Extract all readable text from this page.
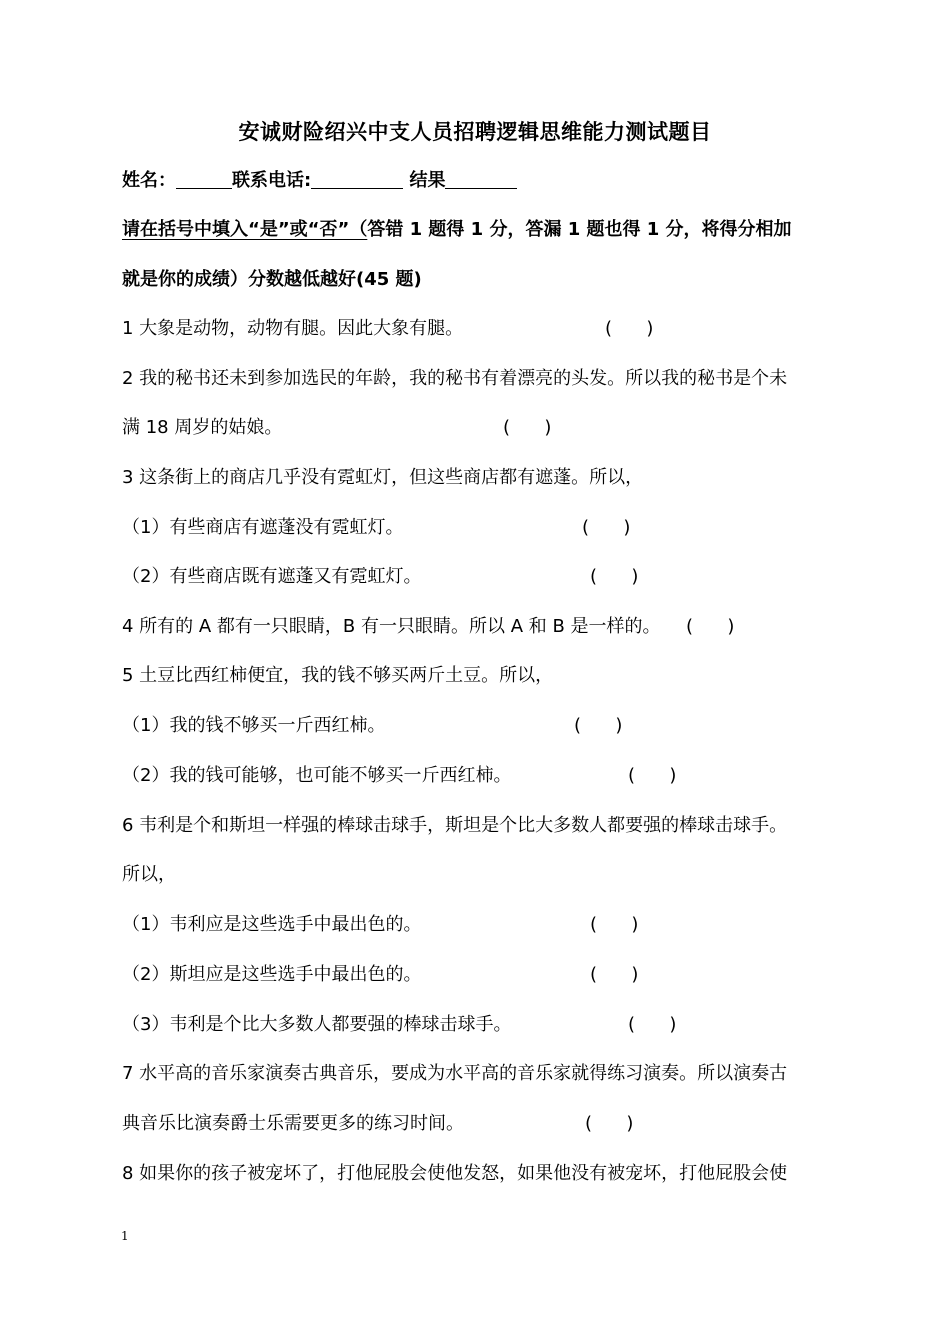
安诚财险绍兴中支人员招聘逻辑思维能力测试题目
姓名：	联系电话:	结果
请在括号中填入“是”或“否”（答错 1 题得 1 分，答漏 1 题也得 1 分，将得分相加
就是你的成绩）分数越低越好(45 题)
1 大象是动物，动物有腿。因此大象有腿。	(      )
2 我的秘书还未到参加选民的年龄，我的秘书有着漂亮的头发。所以我的秘书是个未
满 18 周岁的姑娘。	(      )
3 这条街上的商店几乎没有霓虹灯，但这些商店都有遮蓬。所以，
（1）有些商店有遮蓬没有霓虹灯。	(      )
（2）有些商店既有遮蓬又有霓虹灯。	(      )
4 所有的 A 都有一只眼睛，B 有一只眼睛。所以 A 和 B 是一样的。 (      )
5 土豆比西红柿便宜，我的钱不够买两斤土豆。所以，
（1）我的钱不够买一斤西红柿。	(      )
（2）我的钱可能够，也可能不够买一斤西红柿。	(      )
6 韦利是个和斯坦一样强的棒球击球手，斯坦是个比大多数人都要强的棒球击球手。
所以，
（1）韦利应是这些选手中最出色的。	(      )
（2）斯坦应是这些选手中最出色的。	(      )
（3）韦利是个比大多数人都要强的棒球击球手。	(      )
7 水平高的音乐家演奏古典音乐，要成为水平高的音乐家就得练习演奏。所以演奏古
典音乐比演奏爵士乐需要更多的练习时间。	(      )
8 如果你的孩子被宠坏了，打他屁股会使他发怒，如果他没有被宠坏，打他屁股会使
1
